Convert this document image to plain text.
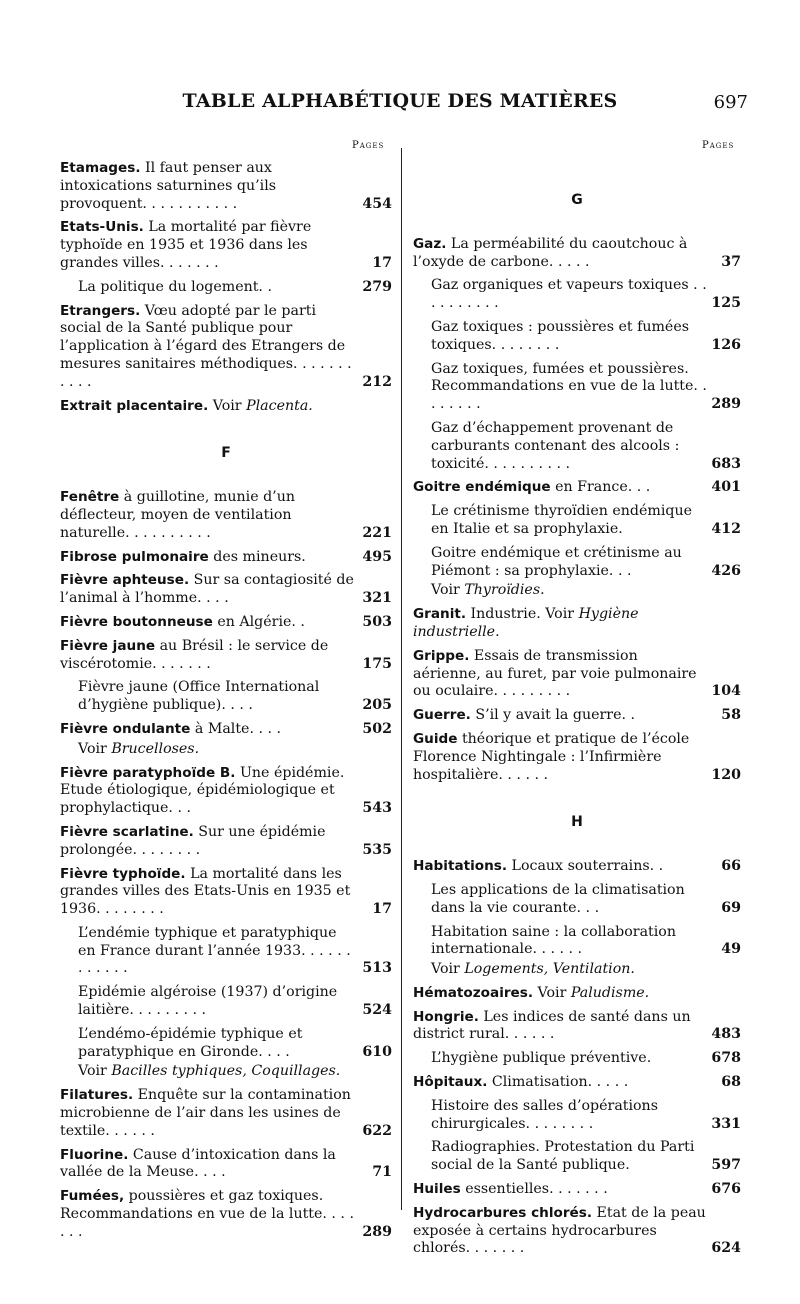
TABLE ALPHABÉTIQUE DES MATIÈRES	697
Pages	Pages
Etamages. Il faut penser aux intoxications saturnines qu’ils provoquent. . . . . . . . . . .	454
Etats-Unis. La mortalité par fièvre typhoïde en 1935 et 1936 dans les grandes villes. . . . . . .	17
La politique du logement. .	279
Etrangers. Vœu adopté par le parti social de la Santé publique pour l’application à l’égard des Etrangers de mesures sanitaires méthodiques. . . . . . . . . . .	212
Extrait placentaire. Voir Placenta.
F
Fenêtre à guillotine, munie d’un déflecteur, moyen de ventilation naturelle. . . . . . . . . .	221
Fibrose pulmonaire des mineurs.	495
Fièvre aphteuse. Sur sa contagiosité de l’animal à l’homme. . . .	321
Fièvre boutonneuse en Algérie. .	503
Fièvre jaune au Brésil : le service de viscérotomie. . . . . . .	175
Fièvre jaune (Office International d’hygiène publique). . . .	205
Fièvre ondulante à Malte. . . .	502
Voir Brucelloses.
Fièvre paratyphoïde B. Une épidémie. Etude étiologique, épidémiologique et prophylactique. . .	543
Fièvre scarlatine. Sur une épidémie prolongée. . . . . . . .	535
Fièvre typhoïde. La mortalité dans les grandes villes des Etats-Unis en 1935 et 1936. . . . . . . .	17
L’endémie typhique et paratyphique en France durant l’année 1933. . . . . . . . . . . .	513
Epidémie algéroise (1937) d’origine laitière. . . . . . . . .	524
L’endémo-épidémie typhique et paratyphique en Gironde. . . .	610
Voir Bacilles typhiques, Coquillages.
Filatures. Enquête sur la contamination microbienne de l’air dans les usines de textile. . . . . .	622
Fluorine. Cause d’intoxication dans la vallée de la Meuse. . . .	71
Fumées, poussières et gaz toxiques. Recommandations en vue de la lutte. . . . . . .	289
G
Gaz. La perméabilité du caoutchouc à l’oxyde de carbone. . . . .	37
Gaz organiques et vapeurs toxiques . . . . . . . . . .	125
Gaz toxiques : poussières et fumées toxiques. . . . . . . .	126
Gaz toxiques, fumées et poussières. Recommandations en vue de la lutte. . . . . . . .	289
Gaz d’échappement provenant de carburants contenant des alcools : toxicité. . . . . . . . . .	683
Goitre endémique en France. . .	401
Le crétinisme thyroïdien endémique en Italie et sa prophylaxie.	412
Goitre endémique et crétinisme au Piémont : sa prophylaxie. . .	426
Voir Thyroïdies.
Granit. Industrie. Voir Hygiène industrielle.
Grippe. Essais de transmission aérienne, au furet, par voie pulmonaire ou oculaire. . . . . . . . .	104
Guerre. S’il y avait la guerre. .	58
Guide théorique et pratique de l’école Florence Nightingale : l’Infirmière hospitalière. . . . . .	120
H
Habitations. Locaux souterrains. .	66
Les applications de la climatisation dans la vie courante. . .	69
Habitation saine : la collaboration internationale. . . . . .	49
Voir Logements, Ventilation.
Hématozoaires. Voir Paludisme.
Hongrie. Les indices de santé dans un district rural. . . . . .	483
L’hygiène publique préventive.	678
Hôpitaux. Climatisation. . . . .	68
Histoire des salles d’opérations chirurgicales. . . . . . . .	331
Radiographies. Protestation du Parti social de la Santé publique.	597
Huiles essentielles. . . . . . .	676
Hydrocarbures chlorés. Etat de la peau exposée à certains hydrocarbures chlorés. . . . . . .	624
